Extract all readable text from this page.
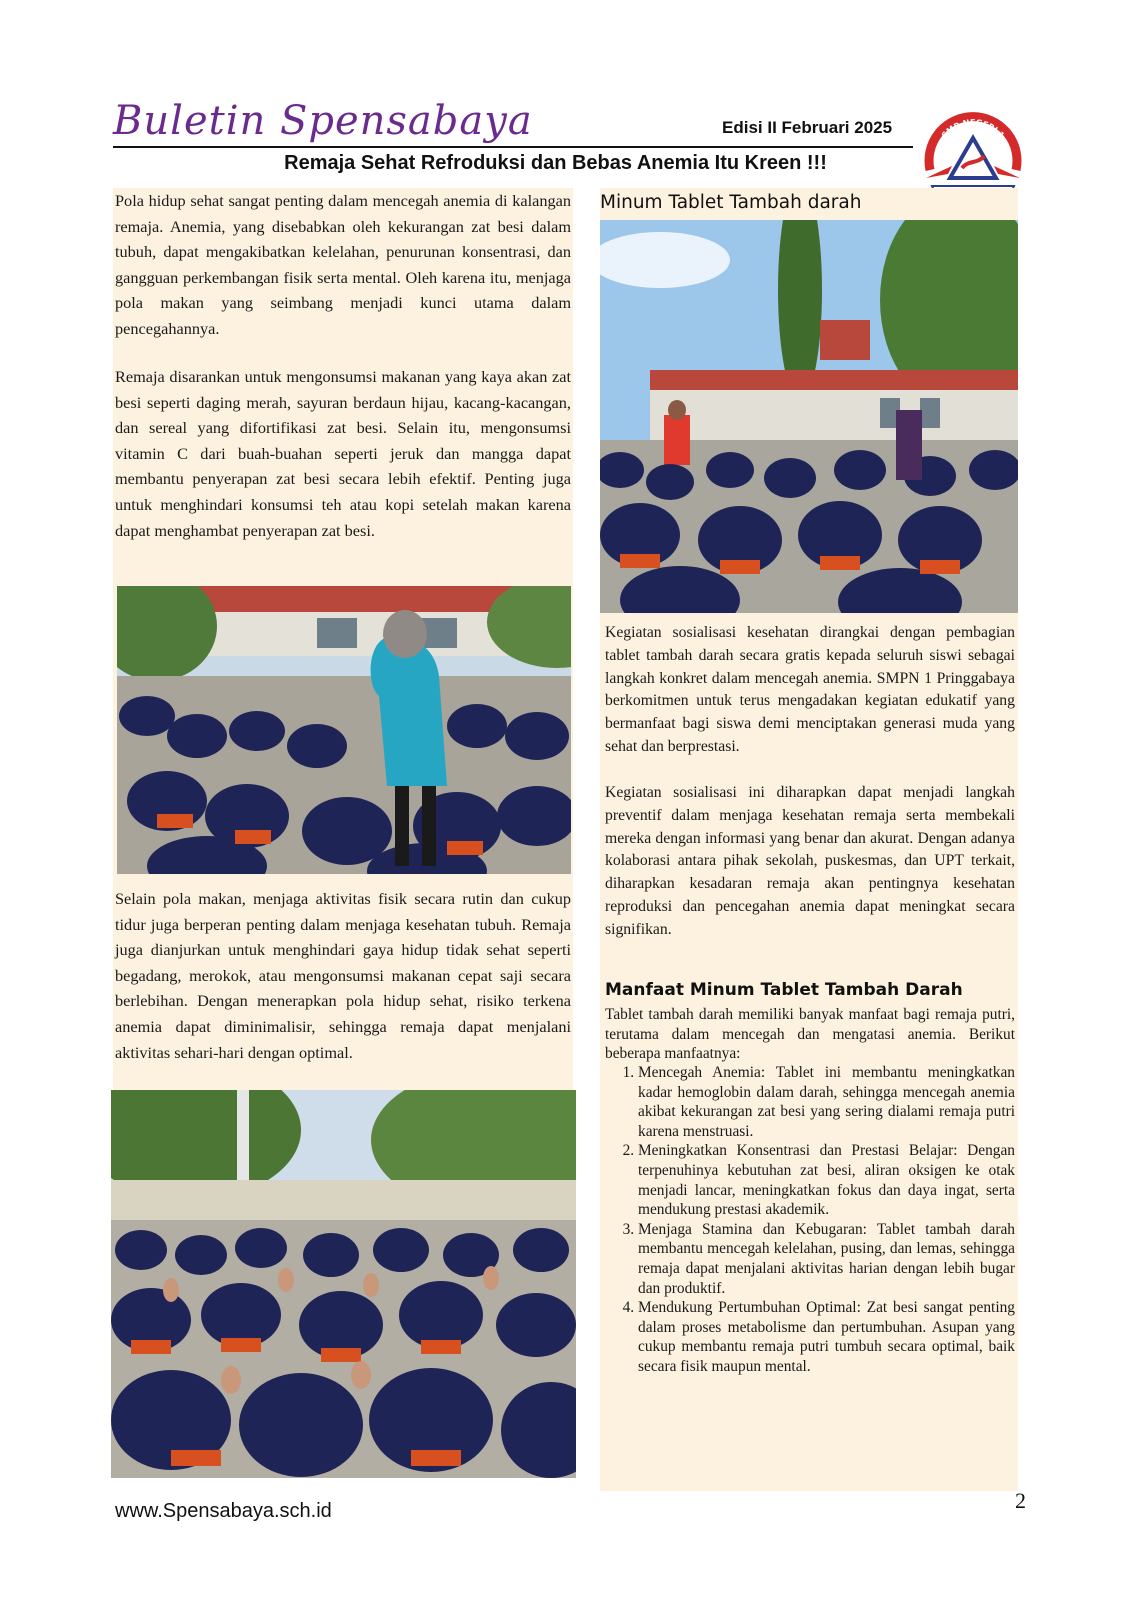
Buletin Spensabaya	Edisi II Februari 2025
Remaja Sehat Refroduksi dan Bebas Anemia Itu Kreen !!!
SMP NEGERI 1

Pola hidup sehat sangat penting dalam mencegah anemia di kalangan remaja. Anemia, yang disebabkan oleh kekurangan zat besi dalam tubuh, dapat mengakibatkan kelelahan, penurunan konsentrasi, dan gangguan perkembangan fisik serta mental. Oleh karena itu, menjaga pola makan yang seimbang menjadi kunci utama dalam pencegahannya.

Remaja disarankan untuk mengonsumsi makanan yang kaya akan zat besi seperti daging merah, sayuran berdaun hijau, kacang-kacangan, dan sereal yang difortifikasi zat besi. Selain itu, mengonsumsi vitamin C dari buah-buahan seperti jeruk dan mangga dapat membantu penyerapan zat besi secara lebih efektif. Penting juga untuk menghindari konsumsi teh atau kopi setelah makan karena dapat menghambat penyerapan zat besi.

Selain pola makan, menjaga aktivitas fisik secara rutin dan cukup tidur juga berperan penting dalam menjaga kesehatan tubuh. Remaja juga dianjurkan untuk menghindari gaya hidup tidak sehat seperti begadang, merokok, atau mengonsumsi makanan cepat saji secara berlebihan. Dengan menerapkan pola hidup sehat, risiko terkena anemia dapat diminimalisir, sehingga remaja dapat menjalani aktivitas sehari-hari dengan optimal.

Minum Tablet Tambah darah

Kegiatan sosialisasi kesehatan dirangkai dengan pembagian tablet tambah darah secara gratis kepada seluruh siswi sebagai langkah konkret dalam mencegah anemia. SMPN 1 Pringgabaya berkomitmen untuk terus mengadakan kegiatan edukatif yang bermanfaat bagi siswa demi menciptakan generasi muda yang sehat dan berprestasi.

Kegiatan sosialisasi ini diharapkan dapat menjadi langkah preventif dalam menjaga kesehatan remaja serta membekali mereka dengan informasi yang benar dan akurat. Dengan adanya kolaborasi antara pihak sekolah, puskesmas, dan UPT terkait, diharapkan kesadaran remaja akan pentingnya kesehatan reproduksi dan pencegahan anemia dapat meningkat secara signifikan.

Manfaat Minum Tablet Tambah Darah

Tablet tambah darah memiliki banyak manfaat bagi remaja putri, terutama dalam mencegah dan mengatasi anemia. Berikut beberapa manfaatnya:

1. Mencegah Anemia: Tablet ini membantu meningkatkan kadar hemoglobin dalam darah, sehingga mencegah anemia akibat kekurangan zat besi yang sering dialami remaja putri karena menstruasi.
2. Meningkatkan Konsentrasi dan Prestasi Belajar: Dengan terpenuhinya kebutuhan zat besi, aliran oksigen ke otak menjadi lancar, meningkatkan fokus dan daya ingat, serta mendukung prestasi akademik.
3. Menjaga Stamina dan Kebugaran: Tablet tambah darah membantu mencegah kelelahan, pusing, dan lemas, sehingga remaja dapat menjalani aktivitas harian dengan lebih bugar dan produktif.
4. Mendukung Pertumbuhan Optimal: Zat besi sangat penting dalam proses metabolisme dan pertumbuhan. Asupan yang cukup membantu remaja putri tumbuh secara optimal, baik secara fisik maupun mental.
www.Spensabaya.sch.id	2
